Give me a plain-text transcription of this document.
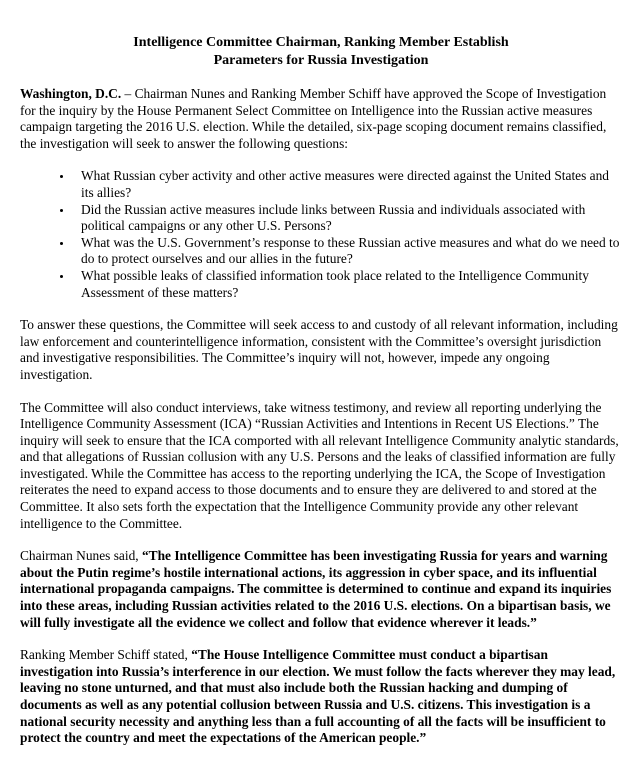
Intelligence Committee Chairman, Ranking Member Establish
Parameters for Russia Investigation

Washington, D.C. – Chairman Nunes and Ranking Member Schiff have approved the Scope of Investigation for the inquiry by the House Permanent Select Committee on Intelligence into the Russian active measures campaign targeting the 2016 U.S. election. While the detailed, six-page scoping document remains classified, the investigation will seek to answer the following questions:

• What Russian cyber activity and other active measures were directed against the United States and its allies?
• Did the Russian active measures include links between Russia and individuals associated with political campaigns or any other U.S. Persons?
• What was the U.S. Government’s response to these Russian active measures and what do we need to do to protect ourselves and our allies in the future?
• What possible leaks of classified information took place related to the Intelligence Community Assessment of these matters?

To answer these questions, the Committee will seek access to and custody of all relevant information, including law enforcement and counterintelligence information, consistent with the Committee’s oversight jurisdiction and investigative responsibilities. The Committee’s inquiry will not, however, impede any ongoing investigation.

The Committee will also conduct interviews, take witness testimony, and review all reporting underlying the Intelligence Community Assessment (ICA) “Russian Activities and Intentions in Recent US Elections.” The inquiry will seek to ensure that the ICA comported with all relevant Intelligence Community analytic standards, and that allegations of Russian collusion with any U.S. Persons and the leaks of classified information are fully investigated. While the Committee has access to the reporting underlying the ICA, the Scope of Investigation reiterates the need to expand access to those documents and to ensure they are delivered to and stored at the Committee. It also sets forth the expectation that the Intelligence Community provide any other relevant intelligence to the Committee.

Chairman Nunes said, “The Intelligence Committee has been investigating Russia for years and warning about the Putin regime’s hostile international actions, its aggression in cyber space, and its influential international propaganda campaigns. The committee is determined to continue and expand its inquiries into these areas, including Russian activities related to the 2016 U.S. elections. On a bipartisan basis, we will fully investigate all the evidence we collect and follow that evidence wherever it leads.”

Ranking Member Schiff stated, “The House Intelligence Committee must conduct a bipartisan investigation into Russia’s interference in our election. We must follow the facts wherever they may lead, leaving no stone unturned, and that must also include both the Russian hacking and dumping of documents as well as any potential collusion between Russia and U.S. citizens. This investigation is a national security necessity and anything less than a full accounting of all the facts will be insufficient to protect the country and meet the expectations of the American people.”
